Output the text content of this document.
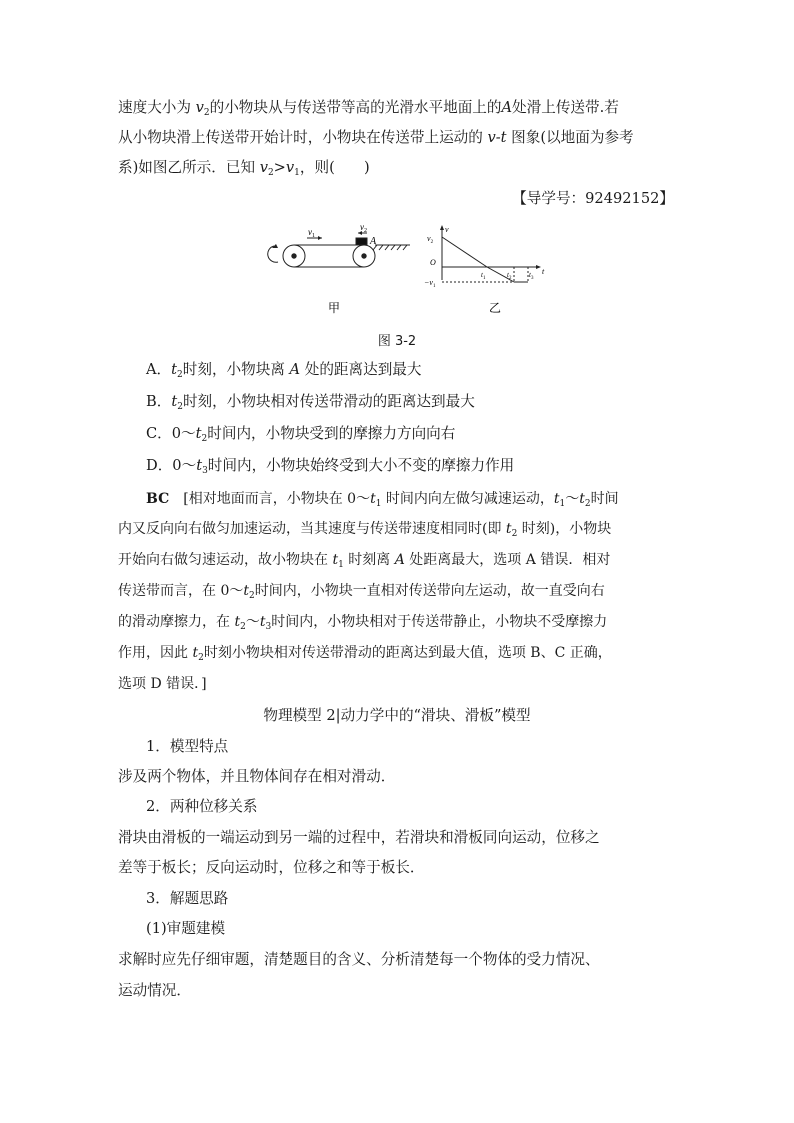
速度大小为 $v_2$的小物块从与传送带等高的光滑水平地面上的A处滑上传送带.若
从小物块滑上传送带开始计时，小物块在传送带上运动的 v-t 图象(以地面为参考
系)如图乙所示．已知 $v_2>v_1$，则(　　)
【导学号：92492152】
$v_1$
$v_2$
A
v
$v_2$
O
$-v_1$
$t_1$	$t_2$	$t_3$
t
甲	乙
图 3-2
A．$t_2$时刻，小物块离 A 处的距离达到最大
B．$t_2$时刻，小物块相对传送带滑动的距离达到最大
C．$0\sim t_2$时间内，小物块受到的摩擦力方向向右
D．$0\sim t_3$时间内，小物块始终受到大小不变的摩擦力作用
BC　[相对地面而言，小物块在 $0\sim t_1$ 时间内向左做匀减速运动，$t_1\sim t_2$时间
内又反向向右做匀加速运动，当其速度与传送带速度相同时(即 $t_2$ 时刻)，小物块
开始向右做匀速运动，故小物块在 $t_1$ 时刻离 A 处距离最大，选项 A 错误．相对
传送带而言，在 $0\sim t_2$时间内，小物块一直相对传送带向左运动，故一直受向右
的滑动摩擦力，在 $t_2\sim t_3$时间内，小物块相对于传送带静止，小物块不受摩擦力
作用，因此 $t_2$时刻小物块相对传送带滑动的距离达到最大值，选项 B、C 正确，
选项 D 错误．]
物理模型 2|动力学中的“滑块、滑板”模型
1．模型特点
涉及两个物体，并且物体间存在相对滑动．
2．两种位移关系
滑块由滑板的一端运动到另一端的过程中，若滑块和滑板同向运动，位移之
差等于板长；反向运动时，位移之和等于板长．
3．解题思路
(1)审题建模
求解时应先仔细审题，清楚题目的含义、分析清楚每一个物体的受力情况、
运动情况．
